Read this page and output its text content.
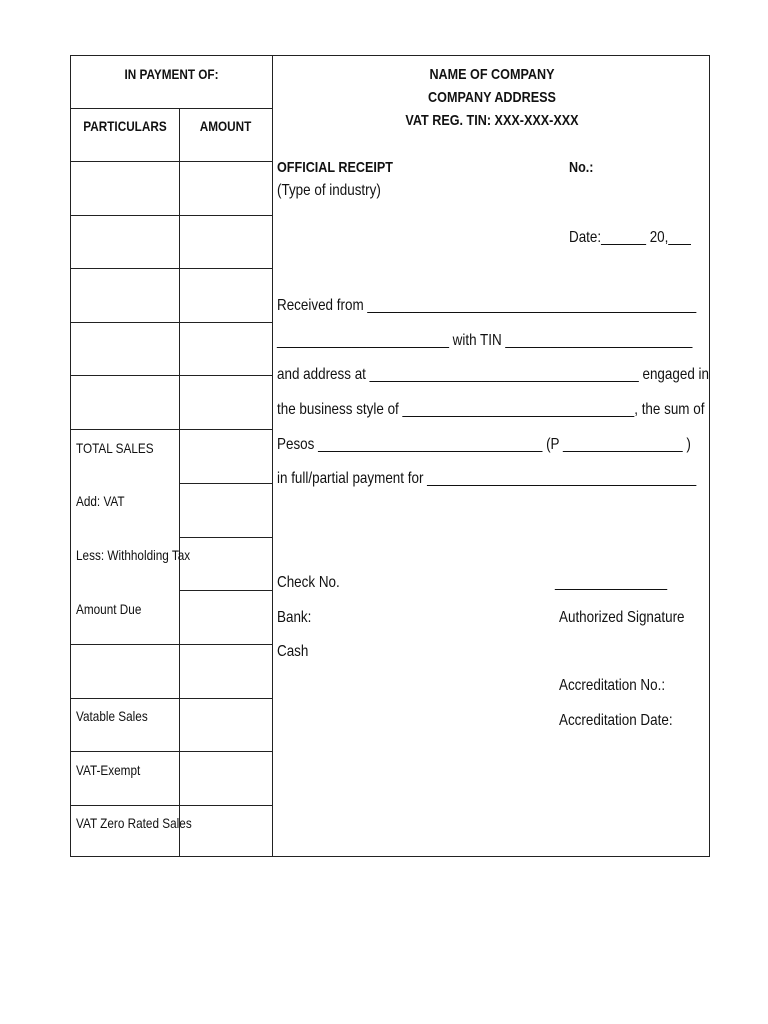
IN PAYMENT OF:
PARTICULARS	AMOUNT
TOTAL SALES
Add: VAT
Less: Withholding Tax
Amount Due
Vatable Sales
VAT-Exempt
VAT Zero Rated Sales
NAME OF COMPANY
COMPANY ADDRESS
VAT REG. TIN: XXX-XXX-XXX
OFFICIAL RECEIPT
(Type of industry)
No.:
Date:______ 20,___
Received from ____________________________________________
_______________________ with TIN _________________________
and address at ____________________________________ engaged in
the business style of _______________________________, the sum of
Pesos ______________________________ (P ________________ )
in full/partial payment for ____________________________________
Check No.
Bank:
Cash
_______________
Authorized Signature
Accreditation No.:
Accreditation Date:
